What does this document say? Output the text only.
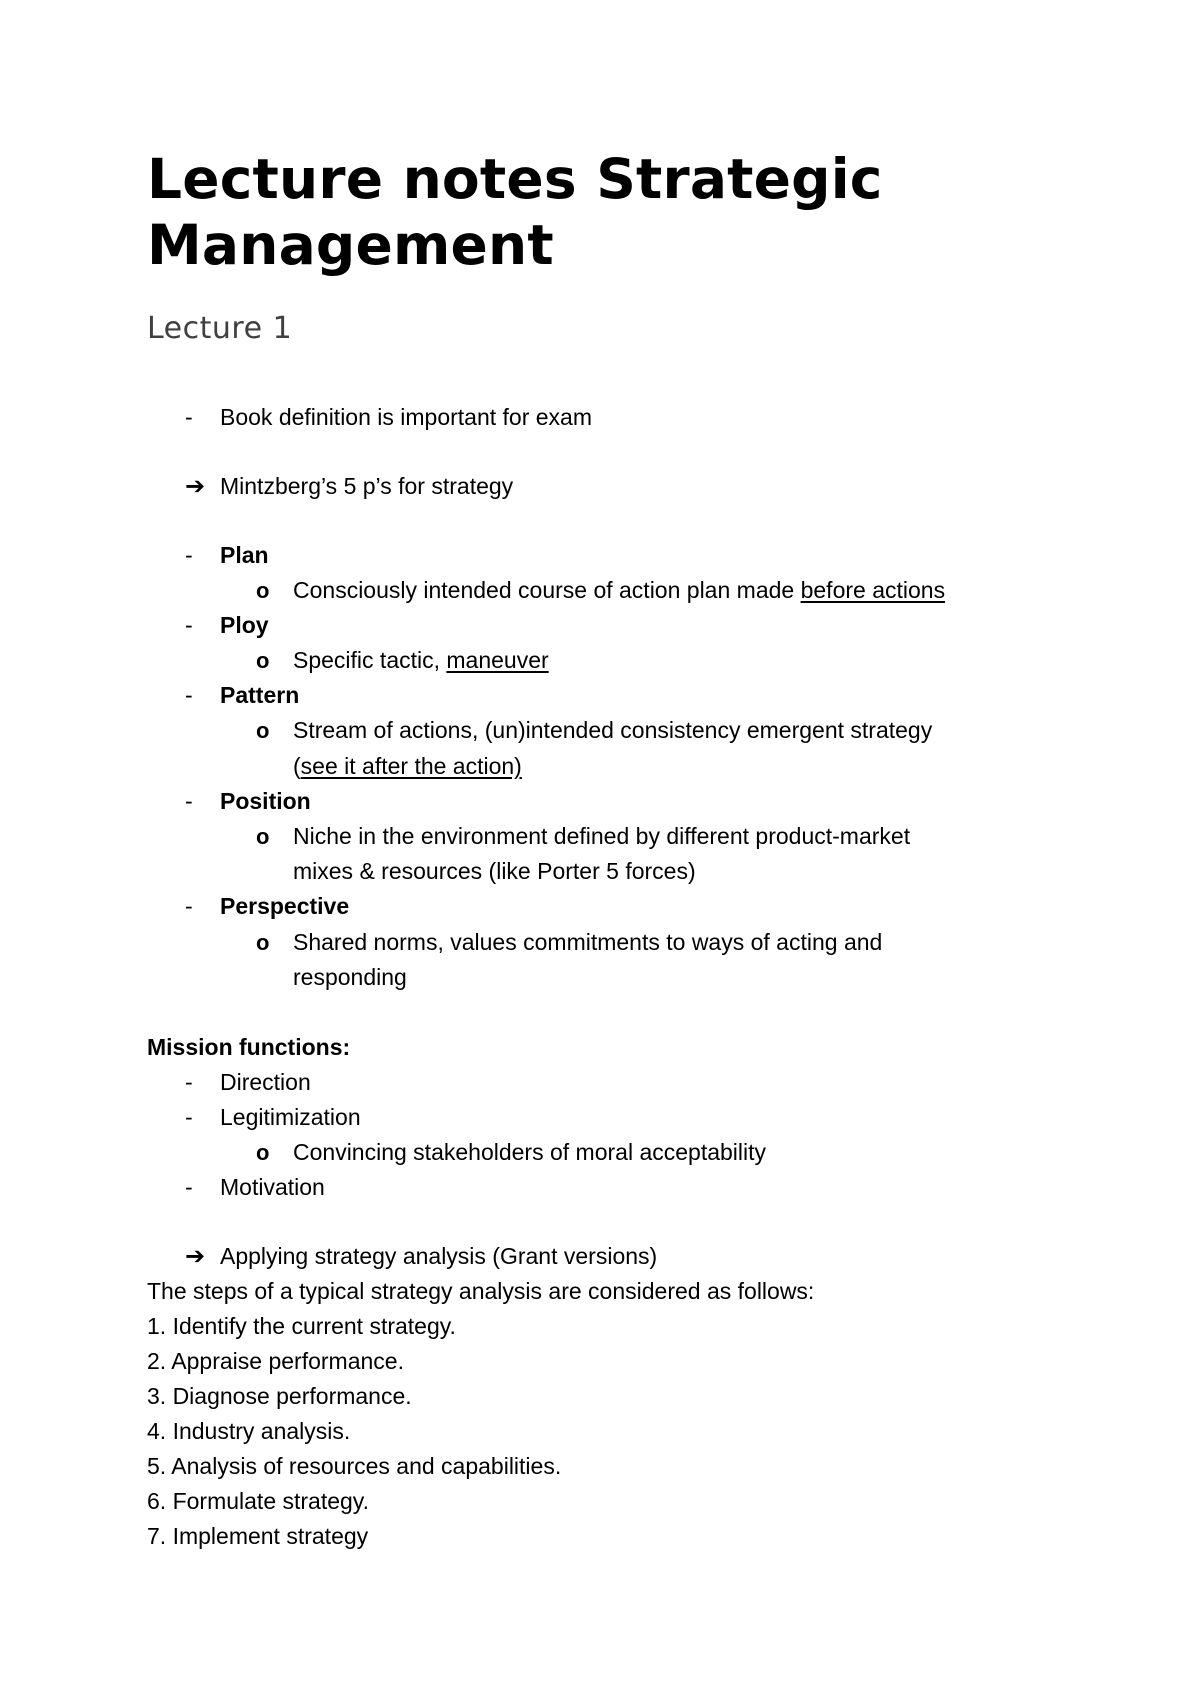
Lecture notes Strategic Management
Lecture 1
- Book definition is important for exam
➔ Mintzberg’s 5 p’s for strategy
- Plan
o Consciously intended course of action plan made before actions
- Ploy
o Specific tactic, maneuver
- Pattern
o Stream of actions, (un)intended consistency emergent strategy
(see it after the action)
- Position
o Niche in the environment defined by different product-market
mixes & resources (like Porter 5 forces)
- Perspective
o Shared norms, values commitments to ways of acting and
responding
Mission functions:
- Direction
- Legitimization
o Convincing stakeholders of moral acceptability
- Motivation
➔ Applying strategy analysis (Grant versions)
The steps of a typical strategy analysis are considered as follows:
1. Identify the current strategy.
2. Appraise performance.
3. Diagnose performance.
4. Industry analysis.
5. Analysis of resources and capabilities.
6. Formulate strategy.
7. Implement strategy
